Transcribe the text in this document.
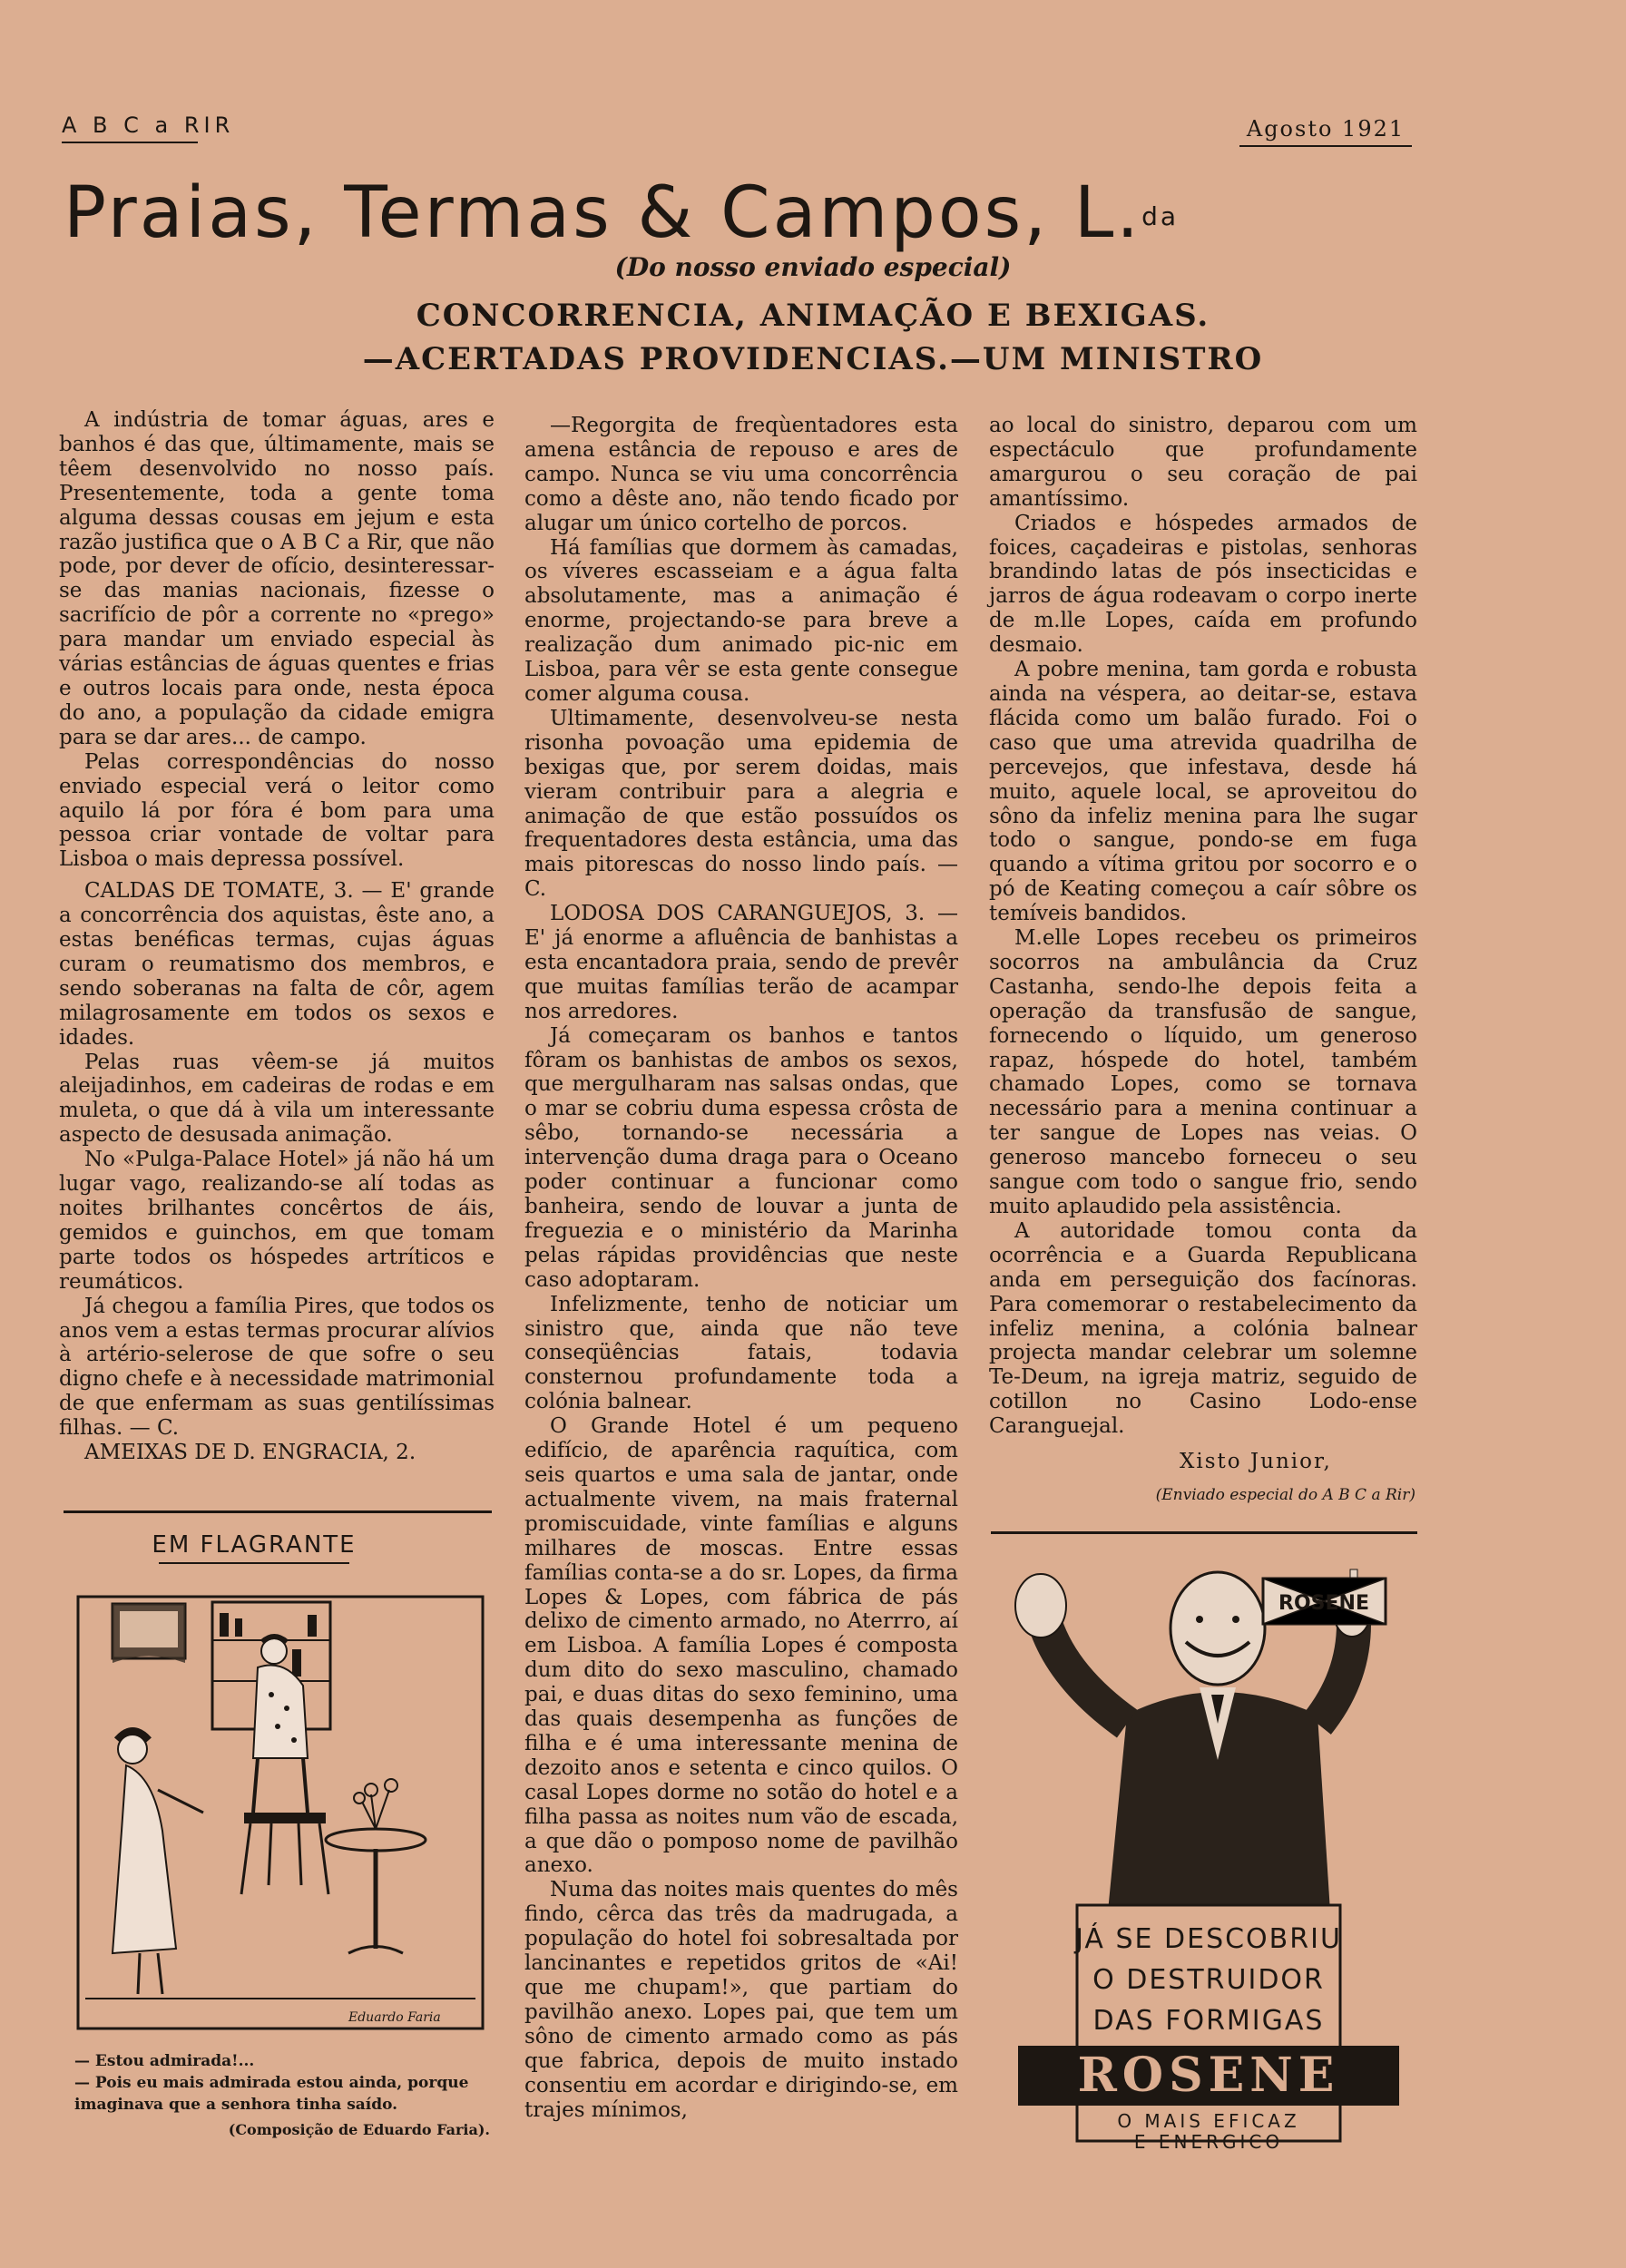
A B C a RIR	Agosto 1921
Praias, Termas & Campos, L.$^{da}$
(Do nosso enviado especial)
CONCORRENCIA, ANIMAÇÃO E BEXIGAS.
—ACERTADAS PROVIDENCIAS.—UM MINISTRO

A indústria de tomar águas, ares e banhos é das que, últimamente, mais se têem desenvolvido no nosso país. Presentemente, toda a gente toma alguma dessas cousas em jejum e esta razão justifica que o A B C a Rir, que não pode, por dever de ofício, desinteressar-se das manias nacionais, fizesse o sacrifício de pôr a corrente no «prego» para mandar um enviado especial às várias estâncias de águas quentes e frias e outros locais para onde, nesta época do ano, a população da cidade emigra para se dar ares... de campo.

Pelas correspondências do nosso enviado especial verá o leitor como aquilo lá por fóra é bom para uma pessoa criar vontade de voltar para Lisboa o mais depressa possível.

CALDAS DE TOMATE, 3. — E' grande a concorrência dos aquistas, êste ano, a estas benéficas termas, cujas águas curam o reumatismo dos membros, e sendo soberanas na falta de côr, agem milagrosamente em todos os sexos e idades.

Pelas ruas vêem-se já muitos aleijadinhos, em cadeiras de rodas e em muleta, o que dá à vila um interessante aspecto de desusada animação.

No «Pulga-Palace Hotel» já não há um lugar vago, realizando-se alí todas as noites brilhantes concêrtos de áis, gemidos e guinchos, em que tomam parte todos os hóspedes artríticos e reumáticos.

Já chegou a família Pires, que todos os anos vem a estas termas procurar alívios à artério-selerose de que sofre o seu digno chefe e à necessidade matrimonial de que enfermam as suas gentilíssimas filhas. — C.

AMEIXAS DE D. ENGRACIA, 2.

EM FLAGRANTE
Eduardo Faria
— Estou admirada!...
— Pois eu mais admirada estou ainda, porque imaginava que a senhora tinha saído.
(Composição de Eduardo Faria).

—Regorgita de freqùentadores esta amena estância de repouso e ares de campo. Nunca se viu uma concorrência como a dêste ano, não tendo ficado por alugar um único cortelho de porcos.

Há famílias que dormem às camadas, os víveres escasseiam e a água falta absolutamente, mas a animação é enorme, projectando-se para breve a realização dum animado pic-nic em Lisboa, para vêr se esta gente consegue comer alguma cousa.

Ultimamente, desenvolveu-se nesta risonha povoação uma epidemia de bexigas que, por serem doidas, mais vieram contribuir para a alegria e animação de que estão possuídos os frequentadores desta estância, uma das mais pitorescas do nosso lindo país. — C.

LODOSA DOS CARANGUEJOS, 3. — E' já enorme a afluência de banhistas a esta encantadora praia, sendo de prevêr que muitas famílias terão de acampar nos arredores.

Já começaram os banhos e tantos fôram os banhistas de ambos os sexos, que mergulharam nas salsas ondas, que o mar se cobriu duma espessa crôsta de sêbo, tornando-se necessária a intervenção duma draga para o Oceano poder continuar a funcionar como banheira, sendo de louvar a junta de freguezia e o ministério da Marinha pelas rápidas providências que neste caso adoptaram.

Infelizmente, tenho de noticiar um sinistro que, ainda que não teve conseqüências fatais, todavia consternou profundamente toda a colónia balnear.

O Grande Hotel é um pequeno edifício, de aparência raquítica, com seis quartos e uma sala de jantar, onde actualmente vivem, na mais fraternal promiscuidade, vinte famílias e alguns milhares de moscas. Entre essas famílias conta-se a do sr. Lopes, da firma Lopes & Lopes, com fábrica de pás delixo de cimento armado, no Aterrro, aí em Lisboa. A família Lopes é composta dum dito do sexo masculino, chamado pai, e duas ditas do sexo feminino, uma das quais desempenha as funções de filha e é uma interessante menina de dezoito anos e setenta e cinco quilos. O casal Lopes dorme no sotão do hotel e a filha passa as noites num vão de escada, a que dão o pomposo nome de pavilhão anexo.

Numa das noites mais quentes do mês findo, cêrca das três da madrugada, a população do hotel foi sobresaltada por lancinantes e repetidos gritos de «Ai! que me chupam!», que partiam do pavilhão anexo. Lopes pai, que tem um sôno de cimento armado como as pás que fabrica, depois de muito instado consentiu em acordar e dirigindo-se, em trajes mínimos,

ao local do sinistro, deparou com um espectáculo que profundamente amargurou o seu coração de pai amantíssimo.

Criados e hóspedes armados de foices, caçadeiras e pistolas, senhoras brandindo latas de pós insecticidas e jarros de água rodeavam o corpo inerte de m.lle Lopes, caída em profundo desmaio.

A pobre menina, tam gorda e robusta ainda na véspera, ao deitar-se, estava flácida como um balão furado. Foi o caso que uma atrevida quadrilha de percevejos, que infestava, desde há muito, aquele local, se aproveitou do sôno da infeliz menina para lhe sugar todo o sangue, pondo-se em fuga quando a vítima gritou por socorro e o pó de Keating começou a caír sôbre os temíveis bandidos.

M.elle Lopes recebeu os primeiros socorros na ambulância da Cruz Castanha, sendo-lhe depois feita a operação da transfusão de sangue, fornecendo o líquido, um generoso rapaz, hóspede do hotel, também chamado Lopes, como se tornava necessário para a menina continuar a ter sangue de Lopes nas veias. O generoso mancebo forneceu o seu sangue com todo o sangue frio, sendo muito aplaudido pela assistência.

A autoridade tomou conta da ocorrência e a Guarda Republicana anda em perseguição dos facínoras. Para comemorar o restabelecimento da infeliz menina, a colónia balnear projecta mandar celebrar um solemne Te-Deum, na igreja matriz, seguido de cotillon no Casino Lodo-ense Caranguejal.

Xisto Junior,
(Enviado especial do A B C a Rir)
ROSENE
JÁ SE DESCOBRIU
O DESTRUIDOR
DAS FORMIGAS
ROSENE
O MAIS EFICAZ
E ENERGICO
